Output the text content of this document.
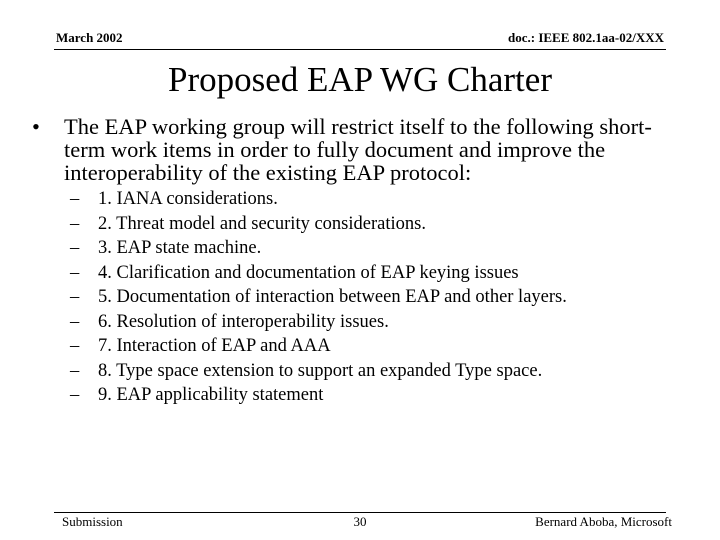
March 2002	doc.: IEEE 802.1aa-02/XXX
Proposed EAP WG Charter
• The EAP working group will restrict itself to the following short-term work items in order to fully document and improve the interoperability of the existing EAP protocol:
– 1. IANA considerations.
– 2. Threat model and security considerations.
– 3. EAP state machine.
– 4. Clarification and documentation of EAP keying issues
– 5. Documentation of interaction between EAP and other layers.
– 6. Resolution of interoperability issues.
– 7. Interaction of EAP and AAA
– 8. Type space extension to support an expanded Type space.
– 9. EAP applicability statement
Submission	30	Bernard Aboba, Microsoft
